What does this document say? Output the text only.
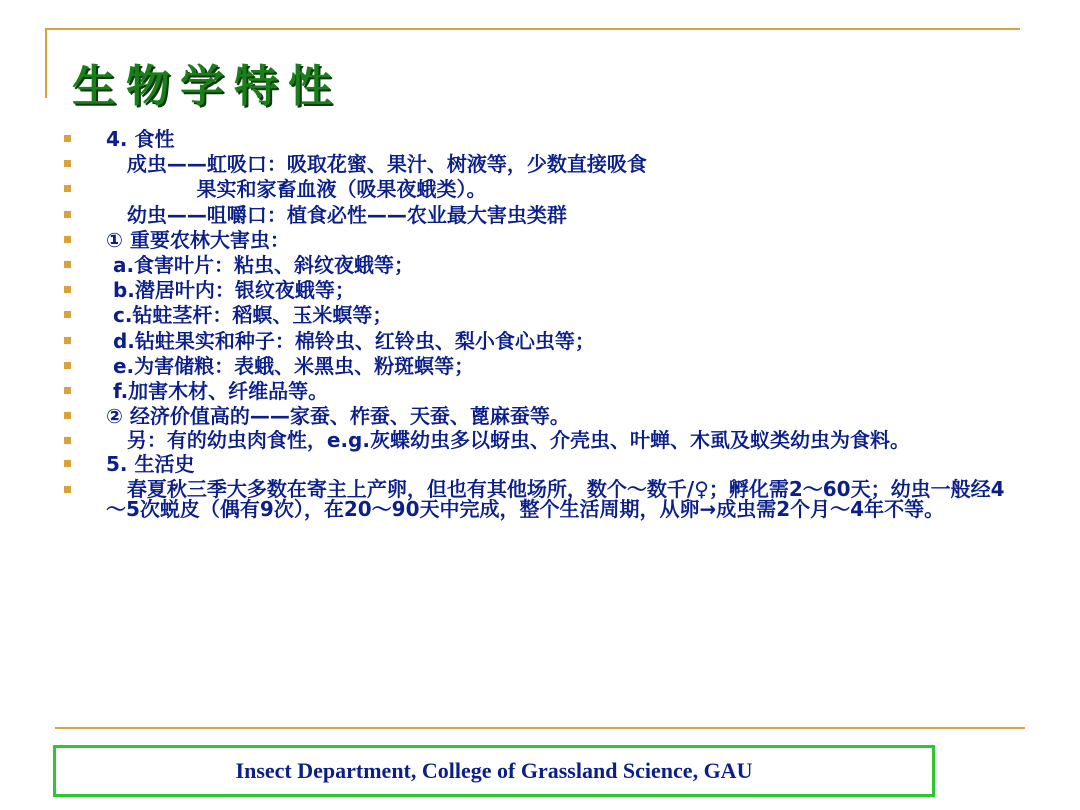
生物学特性
4. 食性
成虫——虹吸口：吸取花蜜、果汁、树液等，少数直接吸食
果实和家畜血液（吸果夜蛾类）。
幼虫——咀嚼口：植食必性——农业最大害虫类群
① 重要农林大害虫：
a.食害叶片：粘虫、斜纹夜蛾等；
b.潜居叶内：银纹夜蛾等；
c.钻蛀茎杆：稻螟、玉米螟等；
d.钻蛀果实和种子：棉铃虫、红铃虫、梨小食心虫等；
e.为害储粮：表蛾、米黑虫、粉斑螟等；
f.加害木材、纤维品等。
② 经济价值高的——家蚕、柞蚕、天蚕、蓖麻蚕等。
另：有的幼虫肉食性，e.g.灰蝶幼虫多以蚜虫、介壳虫、叶蝉、木虱及蚁类幼虫为食料。
5. 生活史
春夏秋三季大多数在寄主上产卵，但也有其他场所，数个～数千/♀；孵化需2～60天；幼虫一般经4～5次蜕皮（偶有9次），在20～90天中完成，整个生活周期，从卵→成虫需2个月～4年不等。
Insect Department, College of Grassland Science, GAU
